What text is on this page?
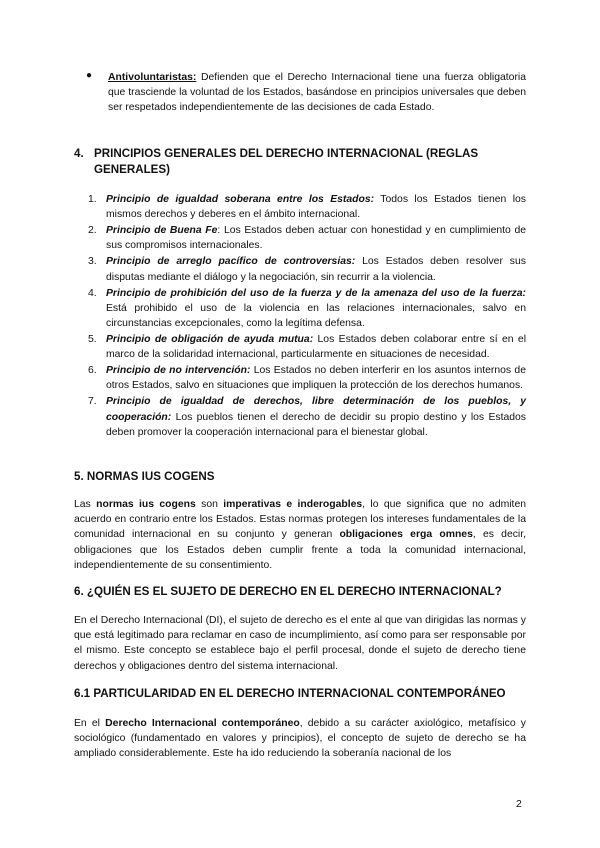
● Antivoluntaristas: Defienden que el Derecho Internacional tiene una fuerza obligatoria que trasciende la voluntad de los Estados, basándose en principios universales que deben ser respetados independientemente de las decisiones de cada Estado.

4. PRINCIPIOS GENERALES DEL DERECHO INTERNACIONAL (REGLAS GENERALES)
1. Principio de igualdad soberana entre los Estados: Todos los Estados tienen los mismos derechos y deberes en el ámbito internacional.
2. Principio de Buena Fe: Los Estados deben actuar con honestidad y en cumplimiento de sus compromisos internacionales.
3. Principio de arreglo pacífico de controversias: Los Estados deben resolver sus disputas mediante el diálogo y la negociación, sin recurrir a la violencia.
4. Principio de prohibición del uso de la fuerza y de la amenaza del uso de la fuerza: Está prohibido el uso de la violencia en las relaciones internacionales, salvo en circunstancias excepcionales, como la legítima defensa.
5. Principio de obligación de ayuda mutua: Los Estados deben colaborar entre sí en el marco de la solidaridad internacional, particularmente en situaciones de necesidad.
6. Principio de no intervención: Los Estados no deben interferir en los asuntos internos de otros Estados, salvo en situaciones que impliquen la protección de los derechos humanos.
7. Principio de igualdad de derechos, libre determinación de los pueblos, y cooperación: Los pueblos tienen el derecho de decidir su propio destino y los Estados deben promover la cooperación internacional para el bienestar global.
5. NORMAS IUS COGENS

Las normas ius cogens son imperativas e inderogables, lo que significa que no admiten acuerdo en contrario entre los Estados. Estas normas protegen los intereses fundamentales de la comunidad internacional en su conjunto y generan obligaciones erga omnes, es decir, obligaciones que los Estados deben cumplir frente a toda la comunidad internacional, independientemente de su consentimiento.

6. ¿QUIÉN ES EL SUJETO DE DERECHO EN EL DERECHO INTERNACIONAL?

En el Derecho Internacional (DI), el sujeto de derecho es el ente al que van dirigidas las normas y que está legitimado para reclamar en caso de incumplimiento, así como para ser responsable por el mismo. Este concepto se establece bajo el perfil procesal, donde el sujeto de derecho tiene derechos y obligaciones dentro del sistema internacional.

6.1 PARTICULARIDAD EN EL DERECHO INTERNACIONAL CONTEMPORÁNEO

En el Derecho Internacional contemporáneo, debido a su carácter axiológico, metafísico y sociológico (fundamentado en valores y principios), el concepto de sujeto de derecho se ha ampliado considerablemente. Este ha ido reduciendo la soberanía nacional de los

2
